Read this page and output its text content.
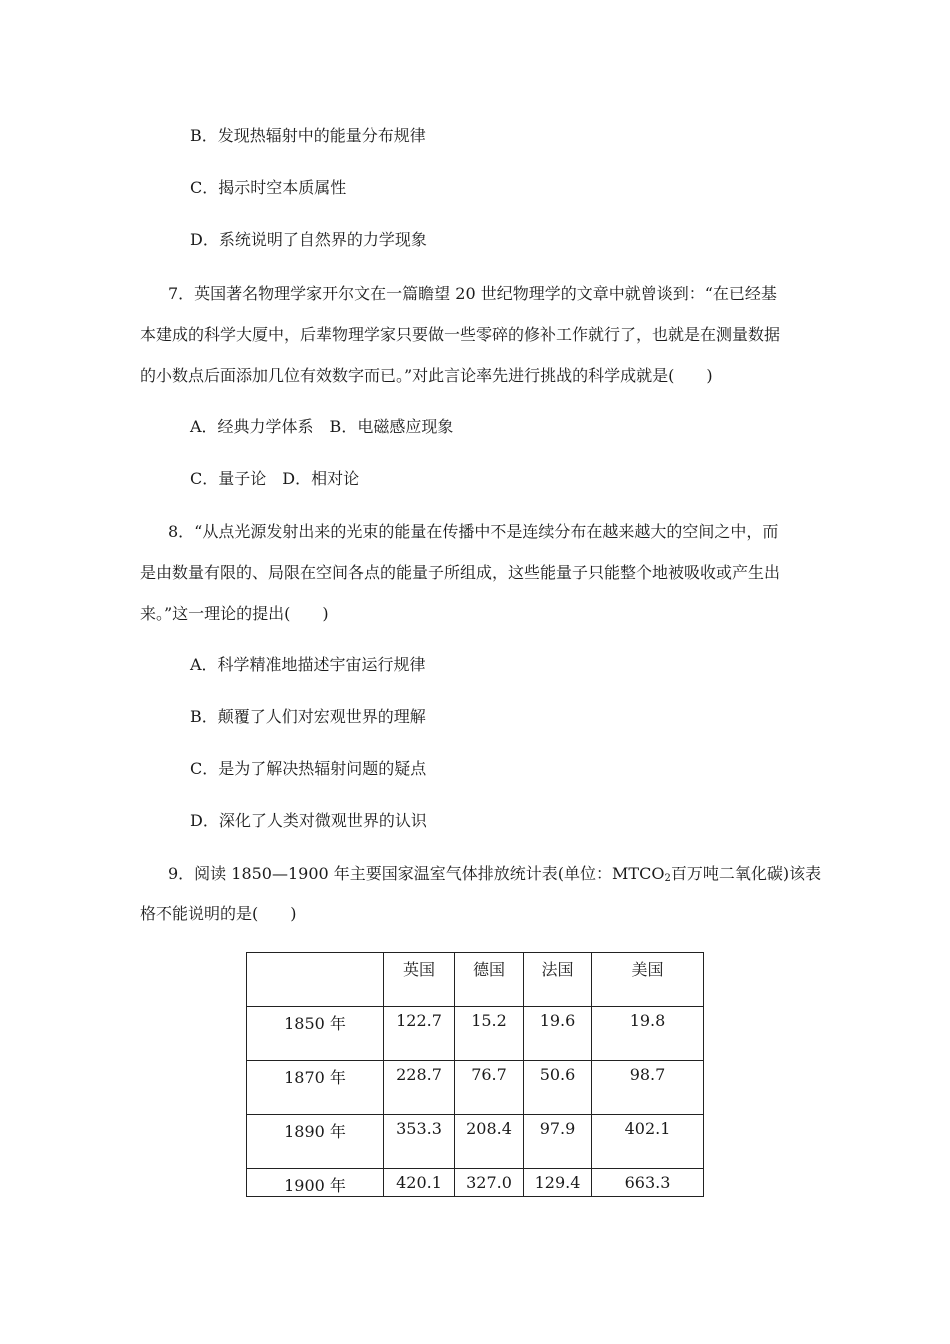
B．发现热辐射中的能量分布规律
C．揭示时空本质属性
D．系统说明了自然界的力学现象
7．英国著名物理学家开尔文在一篇瞻望 20 世纪物理学的文章中就曾谈到：“在已经基
本建成的科学大厦中，后辈物理学家只要做一些零碎的修补工作就行了，也就是在测量数据
的小数点后面添加几位有效数字而已。”对此言论率先进行挑战的科学成就是(　　)
A．经典力学体系　B．电磁感应现象
C．量子论　D．相对论
8．“从点光源发射出来的光束的能量在传播中不是连续分布在越来越大的空间之中，而
是由数量有限的、局限在空间各点的能量子所组成，这些能量子只能整个地被吸收或产生出
来。”这一理论的提出(　　)
A．科学精准地描述宇宙运行规律
B．颠覆了人们对宏观世界的理解
C．是为了解决热辐射问题的疑点
D．深化了人类对微观世界的认识
9．阅读 1850—1900 年主要国家温室气体排放统计表(单位：$MTCO_2$百万吨二氧化碳)该表
格不能说明的是(　　)
	英国	德国	法国	美国
1850 年	122.7	15.2	19.6	19.8
1870 年	228.7	76.7	50.6	98.7
1890 年	353.3	208.4	97.9	402.1
1900 年	420.1	327.0	129.4	663.3
